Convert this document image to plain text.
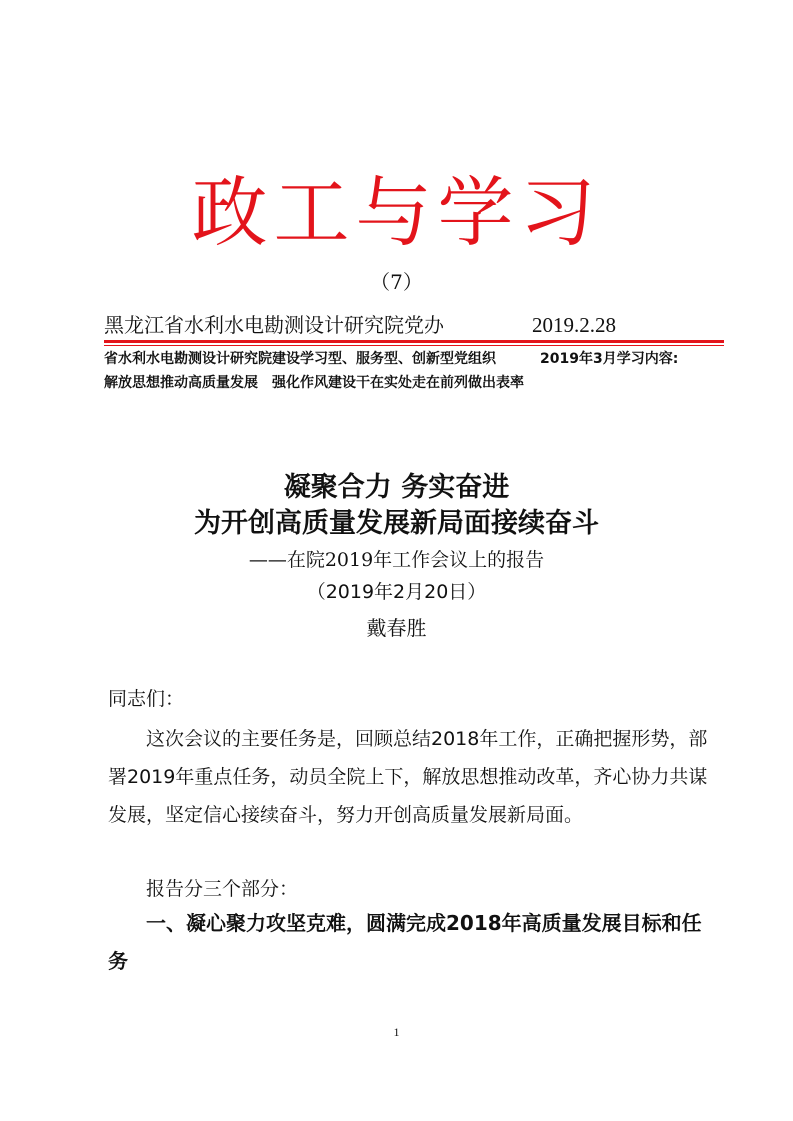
政工与学习
（7）
黑龙江省水利水电勘测设计研究院党办	2019.2.28
省水利水电勘测设计研究院建设学习型、服务型、创新型党组织	2019年3月学习内容:
解放思想推动高质量发展　强化作风建设干在实处走在前列做出表率
凝聚合力 务实奋进
为开创高质量发展新局面接续奋斗
——在院2019年工作会议上的报告
（2019年2月20日）
戴春胜
同志们：
这次会议的主要任务是，回顾总结2018年工作，正确把握形势，部署2019年重点任务，动员全院上下，解放思想推动改革，齐心协力共谋发展，坚定信心接续奋斗，努力开创高质量发展新局面。
报告分三个部分：
一、凝心聚力攻坚克难，圆满完成2018年高质量发展目标和任务
1
